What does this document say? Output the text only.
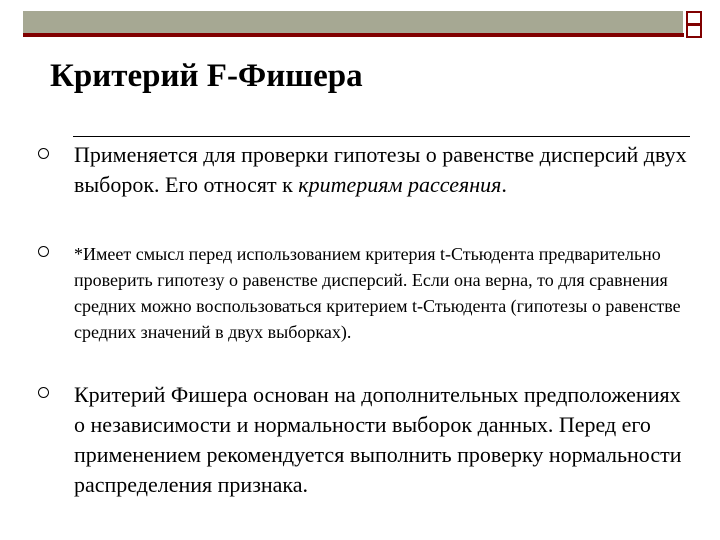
Критерий F-Фишера

Применяется для проверки гипотезы о равенстве дисперсий двух выборок. Его относят к критериям рассеяния.

*Имеет смысл перед использованием критерия t-Стьюдента предварительно проверить гипотезу о равенстве дисперсий. Если она верна, то для сравнения средних можно воспользоваться критерием t-Стьюдента (гипотезы о равенстве средних значений в двух выборках).

Критерий Фишера основан на дополнительных предположениях о независимости и нормальности выборок данных. Перед его применением рекомендуется выполнить проверку нормальности распределения признака.
